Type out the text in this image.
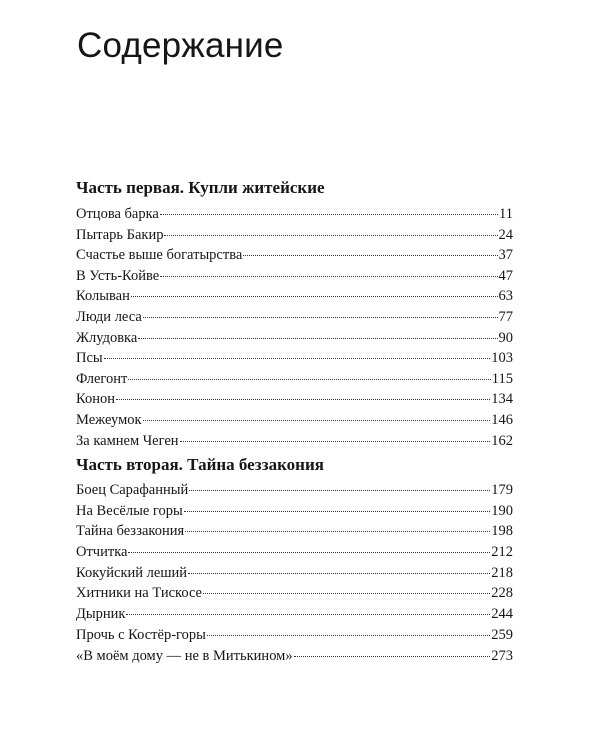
Содержание
Часть первая. Купли житейские
Отцова барка	11
Пытарь Бакир	24
Счастье выше богатырства	37
В Усть-Койве	47
Колыван	63
Люди леса	77
Жлудовка	90
Псы	103
Флегонт	115
Конон	134
Межеумок	146
За камнем Чеген	162
Часть вторая. Тайна беззакония
Боец Сарафанный	179
На Весёлые горы	190
Тайна беззакония	198
Отчитка	212
Кокуйский леший	218
Хитники на Тискосе	228
Дырник	244
Прочь с Костёр-горы	259
«В моём дому — не в Митькином»	273
